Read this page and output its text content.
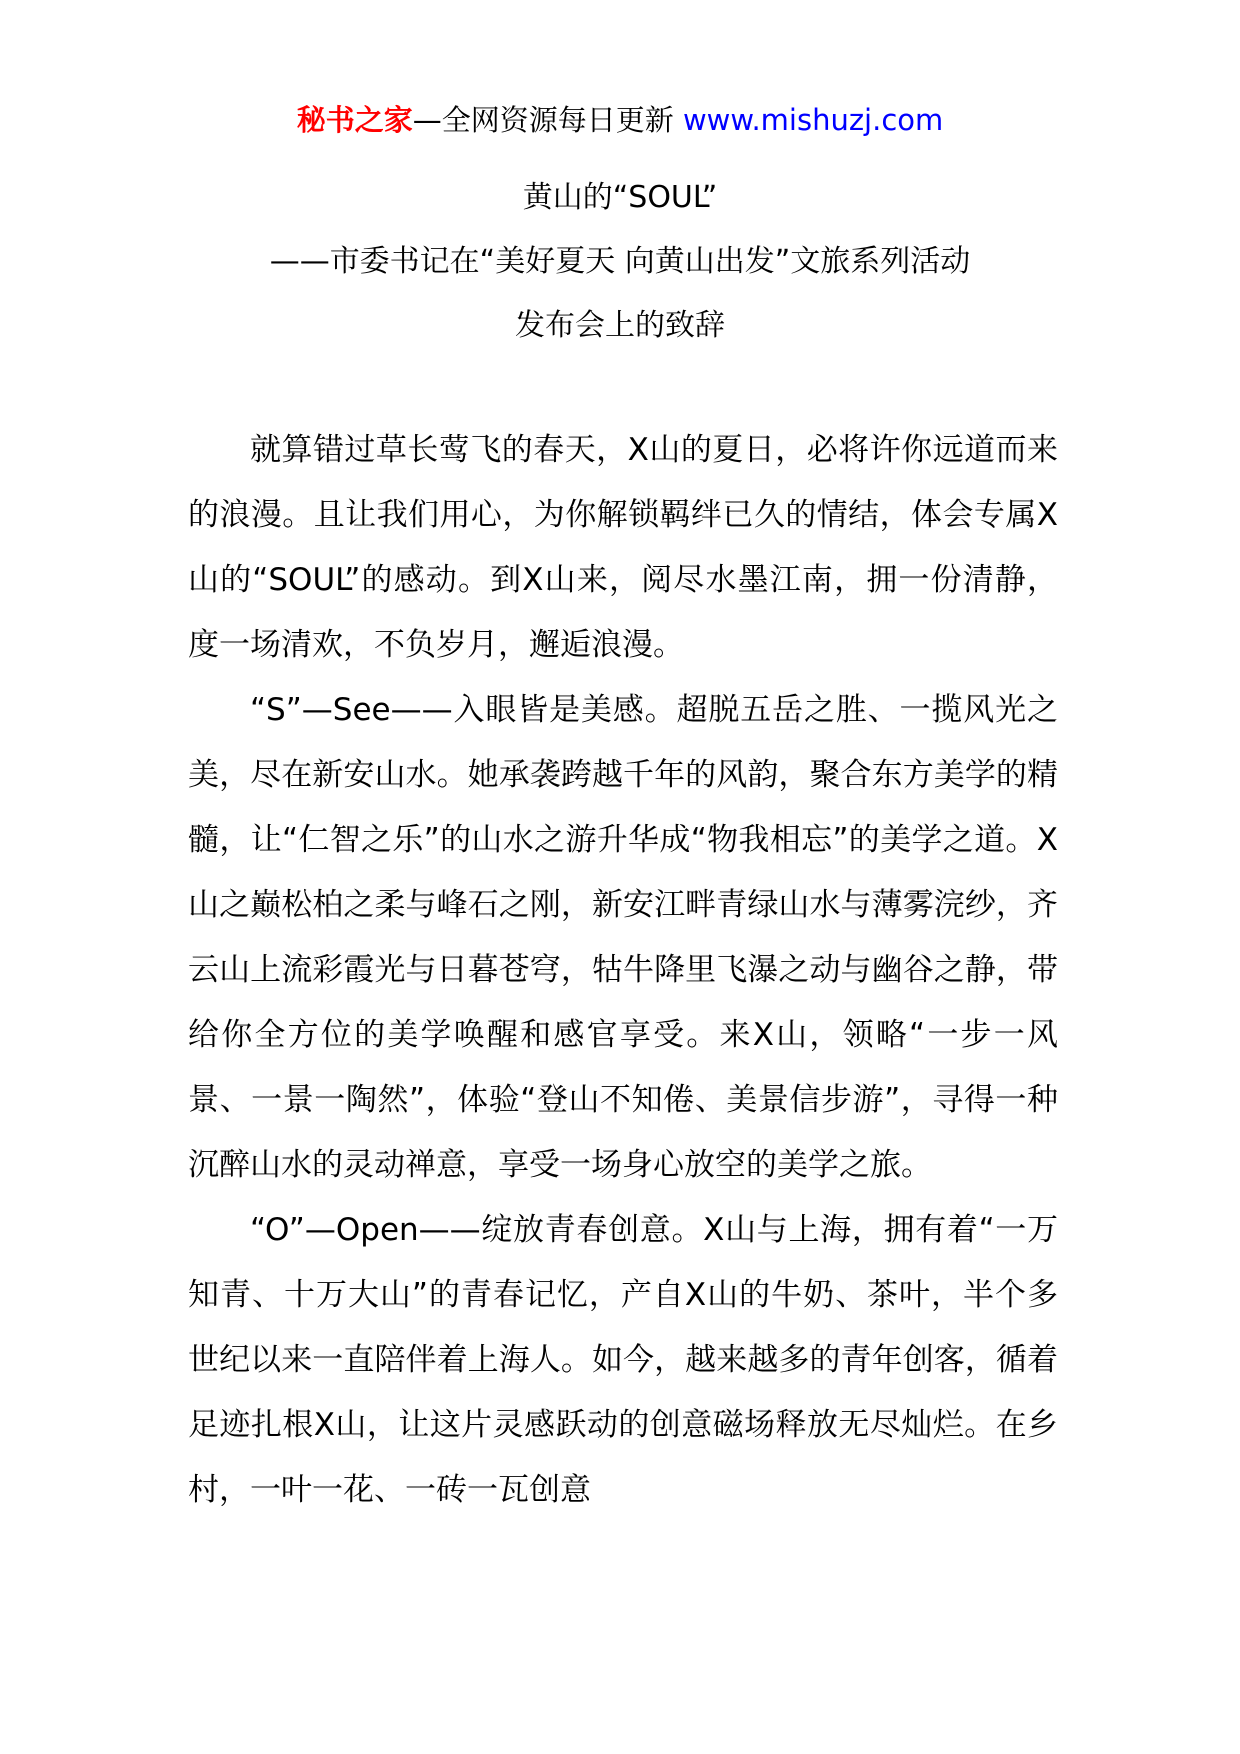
秘书之家—全网资源每日更新 www.mishuzj.com
黄山的“SOUL”
——市委书记在“美好夏天 向黄山出发”文旅系列活动
发布会上的致辞

就算错过草长莺飞的春天，X山的夏日，必将许你远道而来的浪漫。且让我们用心，为你解锁羁绊已久的情结，体会专属X山的“SOUL”的感动。到X山来，阅尽水墨江南，拥一份清静，度一场清欢，不负岁月，邂逅浪漫。

“S”—See——入眼皆是美感。超脱五岳之胜、一揽风光之美，尽在新安山水。她承袭跨越千年的风韵，聚合东方美学的精髓，让“仁智之乐”的山水之游升华成“物我相忘”的美学之道。X山之巅松柏之柔与峰石之刚，新安江畔青绿山水与薄雾浣纱，齐云山上流彩霞光与日暮苍穹，牯牛降里飞瀑之动与幽谷之静，带给你全方位的美学唤醒和感官享受。来X山，领略“一步一风景、一景一陶然”，体验“登山不知倦、美景信步游”，寻得一种沉醉山水的灵动禅意，享受一场身心放空的美学之旅。

“O”—Open——绽放青春创意。X山与上海，拥有着“一万知青、十万大山”的青春记忆，产自X山的牛奶、茶叶，半个多世纪以来一直陪伴着上海人。如今，越来越多的青年创客，循着足迹扎根X山，让这片灵感跃动的创意磁场释放无尽灿烂。在乡村，一叶一花、一砖一瓦创意
